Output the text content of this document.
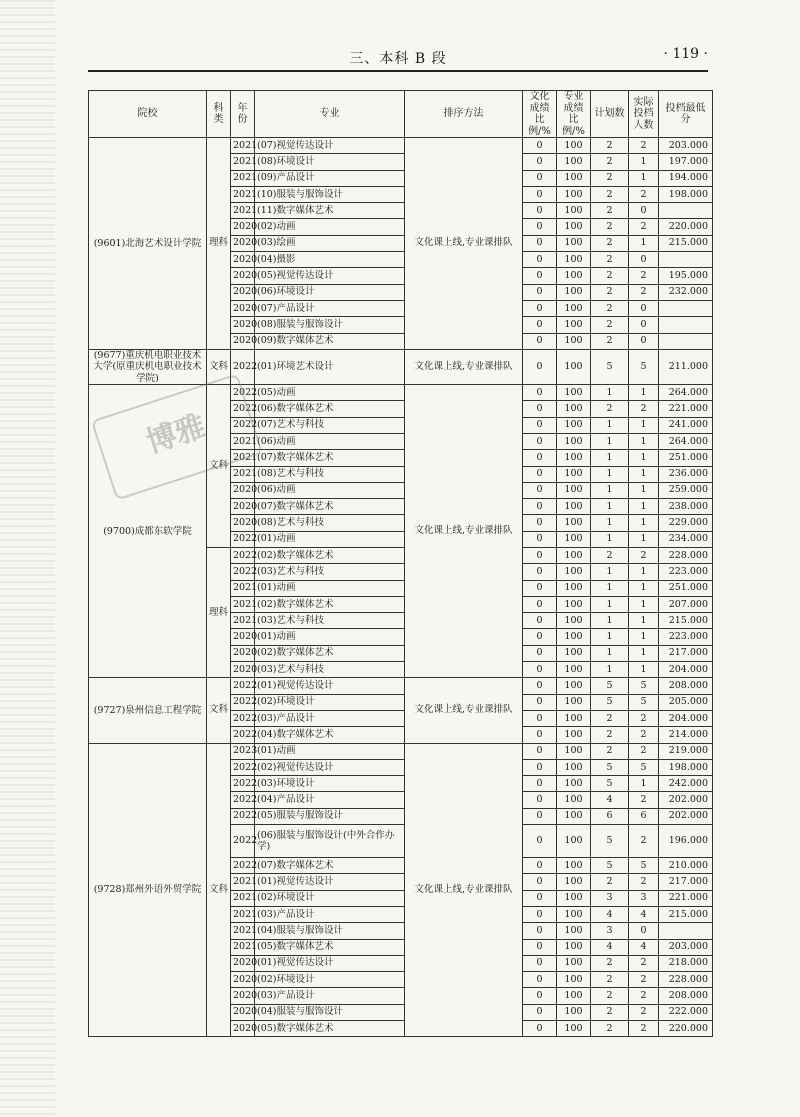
三、本科 B 段	· 119 ·
院校	科类	年份	专业	排序方法	文化成绩比例/%	专业成绩比例/%	计划数	实际投档人数	投档最低分
(9601)北海艺术设计学院	理科	2021	(07)视觉传达设计	文化课上线,专业课排队	0	100	2	2	203.000
		2021	(08)环境设计		0	100	2	1	197.000
		2021	(09)产品设计		0	100	2	1	194.000
		2021	(10)服装与服饰设计		0	100	2	2	198.000
		2021	(11)数字媒体艺术		0	100	2	0	
		2020	(02)动画		0	100	2	2	220.000
		2020	(03)绘画		0	100	2	1	215.000
		2020	(04)摄影		0	100	2	0	
		2020	(05)视觉传达设计		0	100	2	2	195.000
		2020	(06)环境设计		0	100	2	2	232.000
		2020	(07)产品设计		0	100	2	0	
		2020	(08)服装与服饰设计		0	100	2	0	
		2020	(09)数字媒体艺术		0	100	2	0	
(9677)重庆机电职业技术大学(原重庆机电职业技术学院)	文科	2022	(01)环境艺术设计	文化课上线,专业课排队	0	100	5	5	211.000
(9700)成都东软学院	文科	2022	(05)动画	文化课上线,专业课排队	0	100	1	1	264.000
		2022	(06)数字媒体艺术		0	100	2	2	221.000
		2022	(07)艺术与科技		0	100	1	1	241.000
		2021	(06)动画		0	100	1	1	264.000
		2021	(07)数字媒体艺术		0	100	1	1	251.000
		2021	(08)艺术与科技		0	100	1	1	236.000
		2020	(06)动画		0	100	1	1	259.000
		2020	(07)数字媒体艺术		0	100	1	1	238.000
		2020	(08)艺术与科技		0	100	1	1	229.000
		2022	(01)动画		0	100	1	1	234.000
	理科	2022	(02)数字媒体艺术		0	100	2	2	228.000
		2022	(03)艺术与科技		0	100	1	1	223.000
		2021	(01)动画		0	100	1	1	251.000
		2021	(02)数字媒体艺术		0	100	1	1	207.000
		2021	(03)艺术与科技		0	100	1	1	215.000
		2020	(01)动画		0	100	1	1	223.000
		2020	(02)数字媒体艺术		0	100	1	1	217.000
		2020	(03)艺术与科技		0	100	1	1	204.000
(9727)泉州信息工程学院	文科	2022	(01)视觉传达设计	文化课上线,专业课排队	0	100	5	5	208.000
		2022	(02)环境设计		0	100	5	5	205.000
		2022	(03)产品设计		0	100	2	2	204.000
		2022	(04)数字媒体艺术		0	100	2	2	214.000
(9728)郑州外语外贸学院	文科	2023	(01)动画	文化课上线,专业课排队	0	100	2	2	219.000
		2022	(02)视觉传达设计		0	100	5	5	198.000
		2022	(03)环境设计		0	100	5	1	242.000
		2022	(04)产品设计		0	100	4	2	202.000
		2022	(05)服装与服饰设计		0	100	6	6	202.000
		2022	(06)服装与服饰设计(中外合作办学)		0	100	5	2	196.000
		2022	(07)数字媒体艺术		0	100	5	5	210.000
		2021	(01)视觉传达设计		0	100	2	2	217.000
		2021	(02)环境设计		0	100	3	3	221.000
		2021	(03)产品设计		0	100	4	4	215.000
		2021	(04)服装与服饰设计		0	100	3	0	
		2021	(05)数字媒体艺术		0	100	4	4	203.000
		2020	(01)视觉传达设计		0	100	2	2	218.000
		2020	(02)环境设计		0	100	2	2	228.000
		2020	(03)产品设计		0	100	2	2	208.000
		2020	(04)服装与服饰设计		0	100	2	2	222.000
		2020	(05)数字媒体艺术		0	100	2	2	220.000
博雅
